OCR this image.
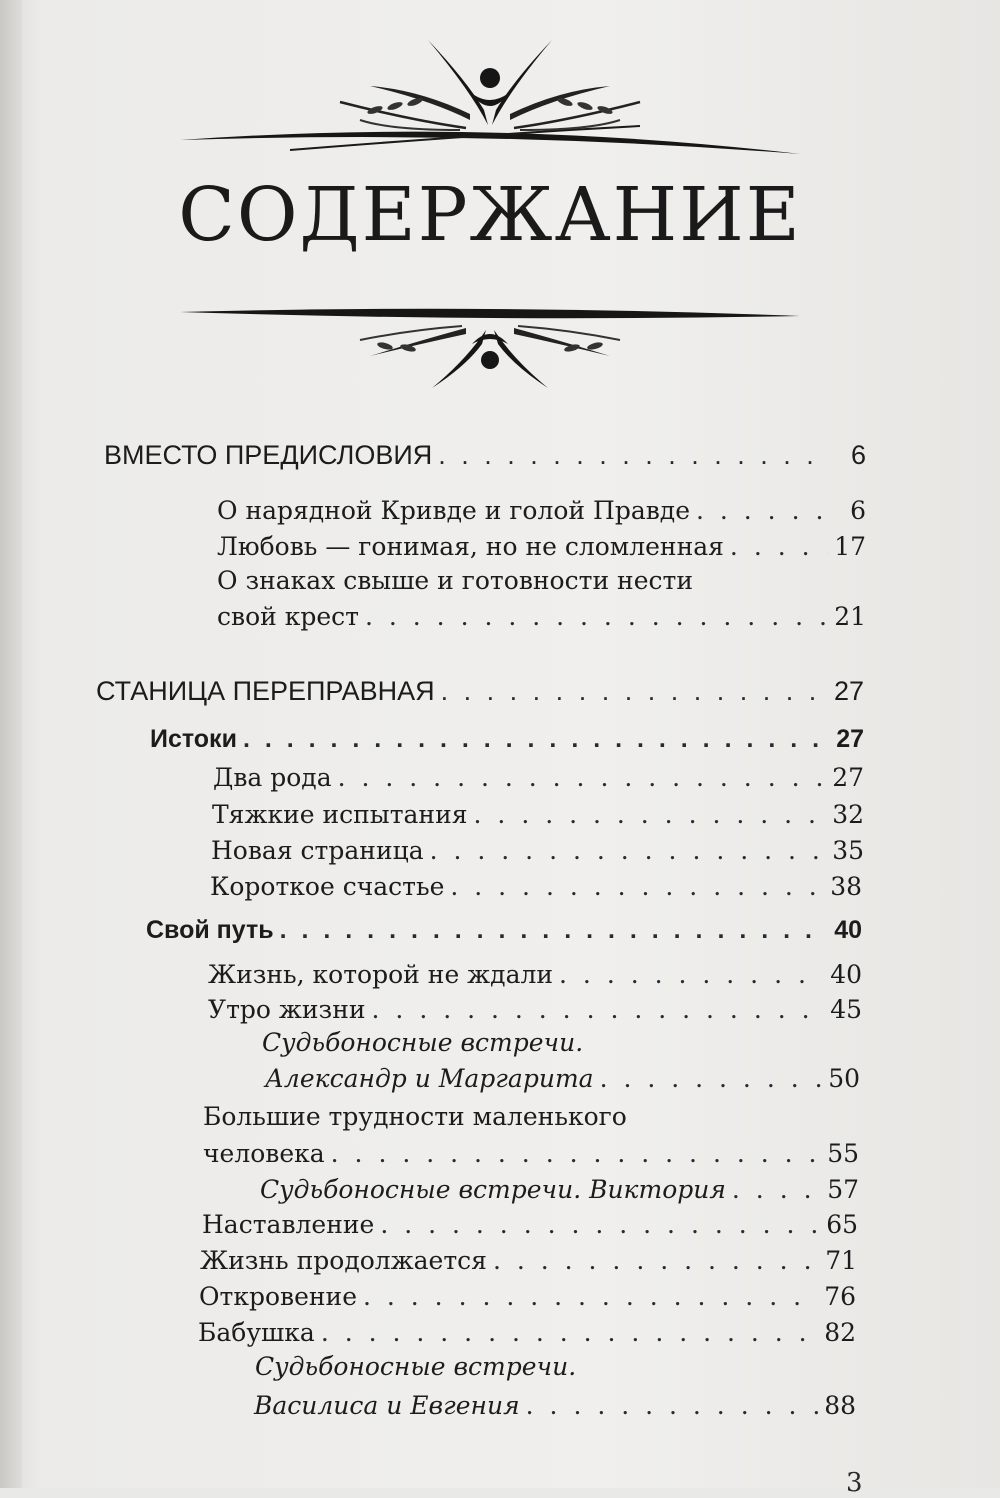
СОДЕРЖАНИЕ
ВМЕСТО ПРЕДИСЛОВИЯ . . .	6
О нарядной Кривде и голой Правде . . .	6
Любовь — гонимая, но не сломленная . . .	17
О знаках свыше и готовности нести
свой крест . . .	21
СТАНИЦА ПЕРЕПРАВНАЯ . . .	27
Истоки . . .	27
Два рода . . .	27
Тяжкие испытания . . .	32
Новая страница . . .	35
Короткое счастье . . .	38
Свой путь . . .	40
Жизнь, которой не ждали . . .	40
Утро жизни . . .	45
Судьбоносные встречи.
Александр и Маргарита . . .	50
Большие трудности маленького
человека . . .	55
Судьбоносные встречи. Виктория . . .	57
Наставление . . .	65
Жизнь продолжается . . .	71
Откровение . . .	76
Бабушка . . .	82
Судьбоносные встречи.
Василиса и Евгения . . .	88
3
